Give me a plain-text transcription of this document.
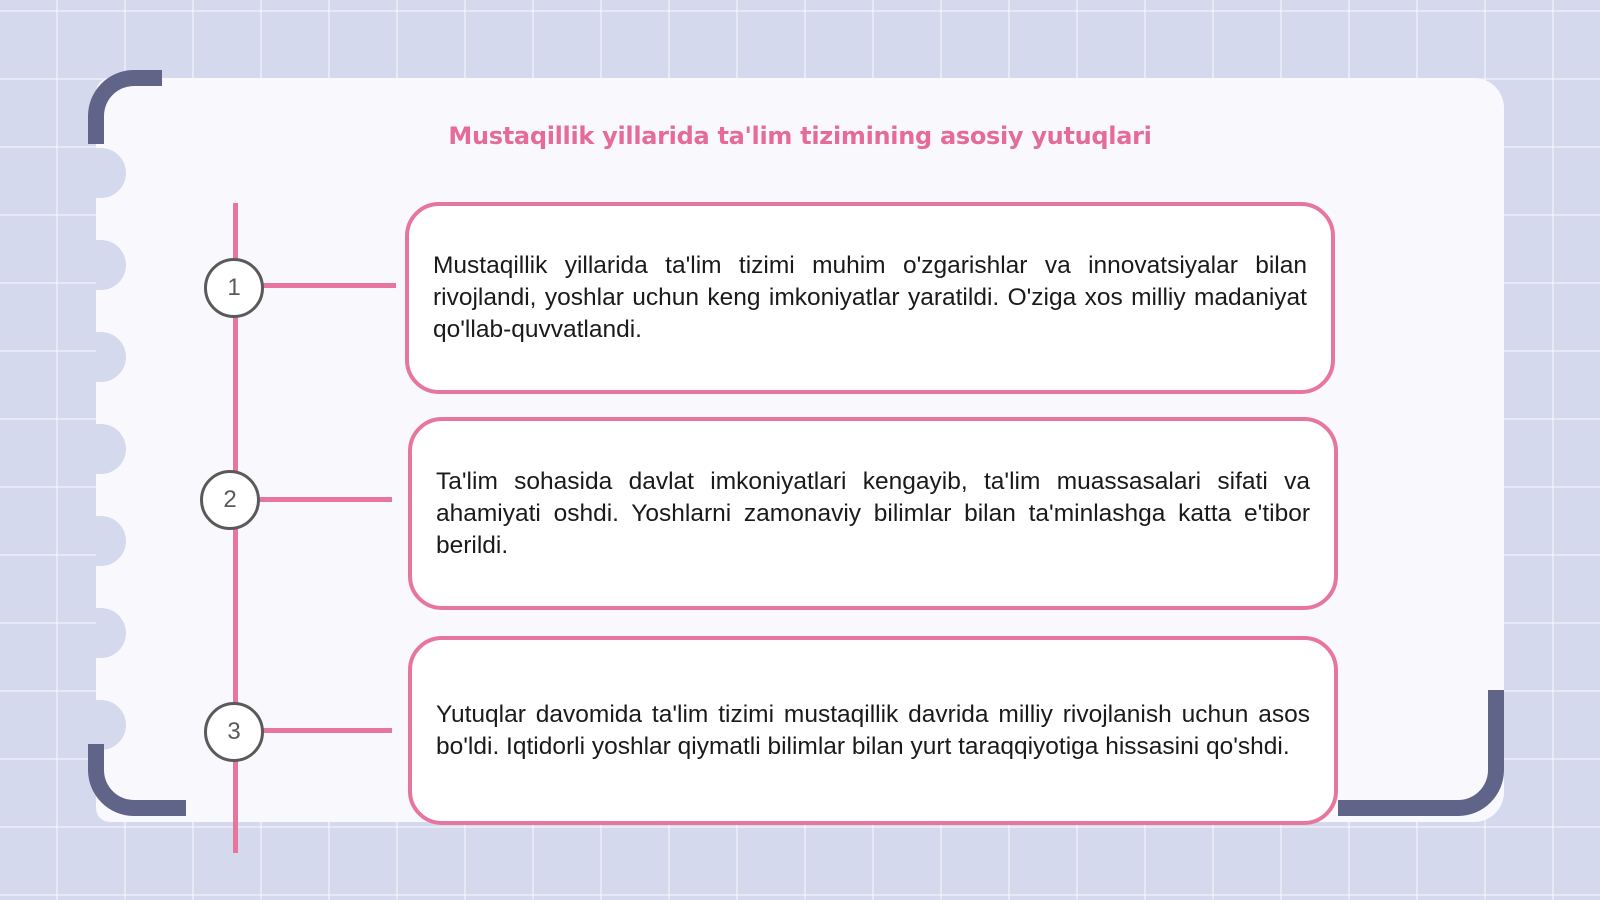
Mustaqillik yillarida ta'lim tizimining asosiy yutuqlari
1
2
3

Mustaqillik yillarida ta'lim tizimi muhim o'zgarishlar va innovatsiyalar bilan rivojlandi, yoshlar uchun keng imkoniyatlar yaratildi. O'ziga xos milliy madaniyat qo'llab-quvvatlandi.

Ta'lim sohasida davlat imkoniyatlari kengayib, ta'lim muassasalari sifati va ahamiyati oshdi. Yoshlarni zamonaviy bilimlar bilan ta'minlashga katta e'tibor berildi.

Yutuqlar davomida ta'lim tizimi mustaqillik davrida milliy rivojlanish uchun asos bo'ldi. Iqtidorli yoshlar qiymatli bilimlar bilan yurt taraqqiyotiga hissasini qo'shdi.
